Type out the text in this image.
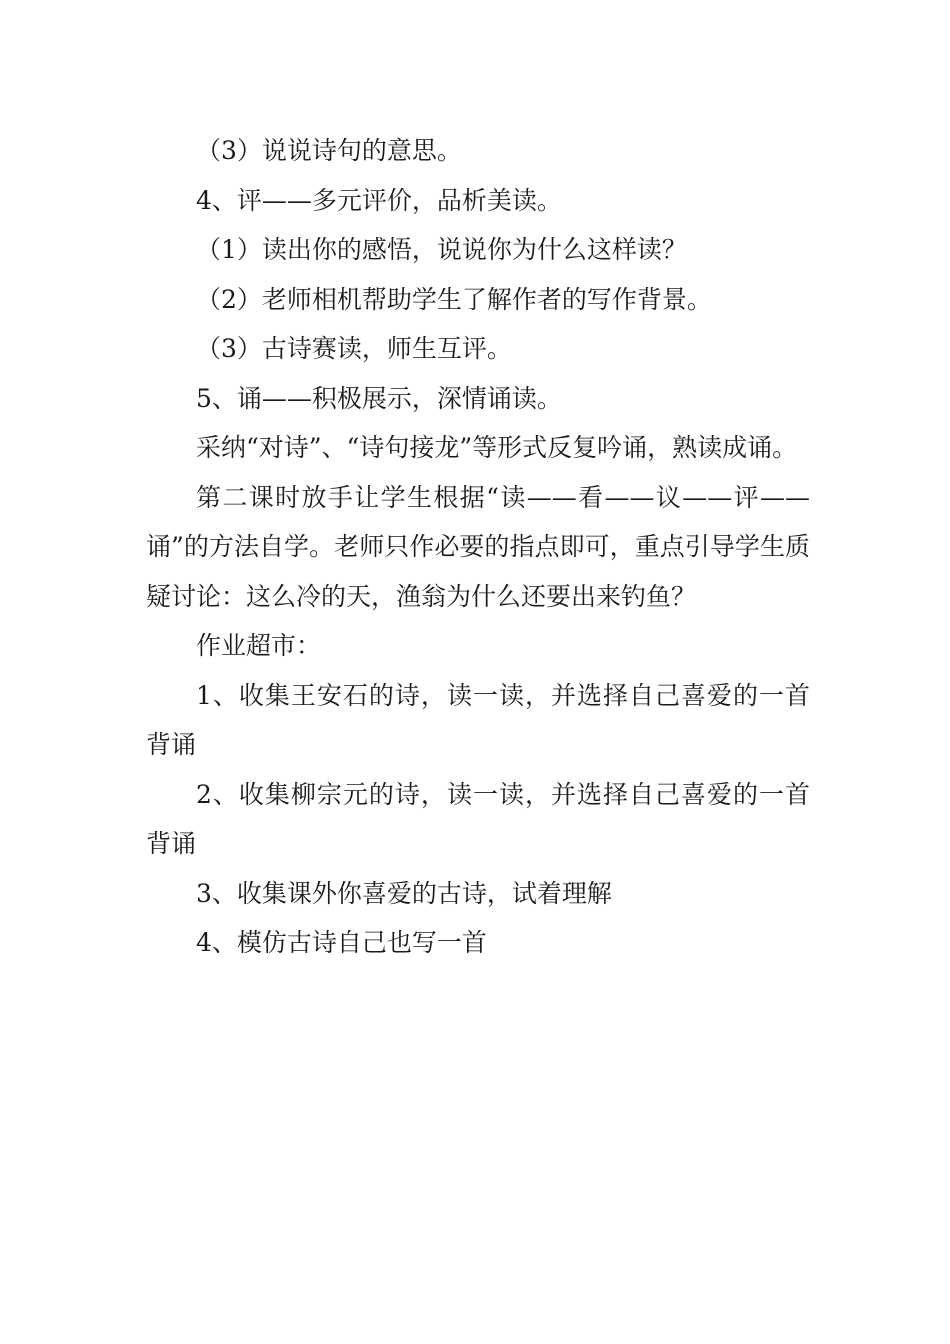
（3）说说诗句的意思。

4、评——多元评价，品析美读。

（1）读出你的感悟，说说你为什么这样读？

（2）老师相机帮助学生了解作者的写作背景。

（3）古诗赛读，师生互评。

5、诵——积极展示，深情诵读。

采纳“对诗”、“诗句接龙”等形式反复吟诵，熟读成诵。

第二课时放手让学生根据“读——看——议——评——诵”的方法自学。老师只作必要的指点即可，重点引导学生质疑讨论：这么冷的天，渔翁为什么还要出来钓鱼？

作业超市：

1、收集王安石的诗，读一读，并选择自己喜爱的一首背诵

2、收集柳宗元的诗，读一读，并选择自己喜爱的一首背诵

3、收集课外你喜爱的古诗，试着理解

4、模仿古诗自己也写一首
